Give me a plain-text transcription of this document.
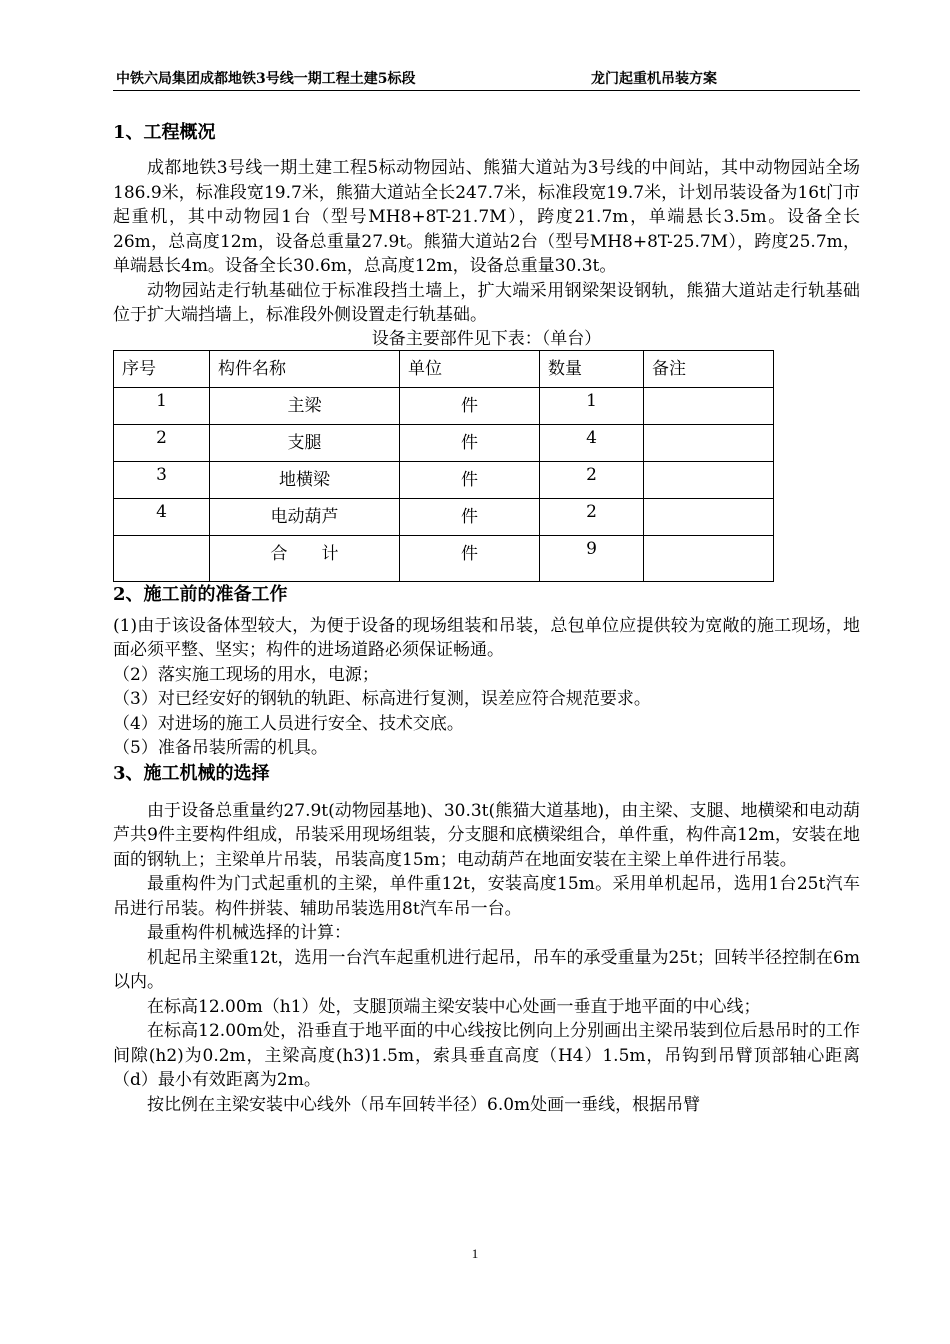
中铁六局集团成都地铁3号线一期工程土建5标段	龙门起重机吊装方案
1、工程概况

成都地铁3号线一期土建工程5标动物园站、熊猫大道站为3号线的中间站，其中动物园站全场186.9米，标准段宽19.7米，熊猫大道站全长247.7米，标准段宽19.7米，计划吊装设备为16t门市起重机，其中动物园1台（型号MH8+8T-21.7M），跨度21.7m，单端悬长3.5m。设备全长26m，总高度12m，设备总重量27.9t。熊猫大道站2台（型号MH8+8T-25.7M），跨度25.7m，单端悬长4m。设备全长30.6m，总高度12m，设备总重量30.3t。

动物园站走行轨基础位于标准段挡土墙上，扩大端采用钢梁架设钢轨，熊猫大道站走行轨基础位于扩大端挡墙上，标准段外侧设置走行轨基础。

设备主要部件见下表：（单台）
序号	构件名称	单位	数量	备注

1	主梁	件	1	

2	支腿	件	4	

3	地横梁	件	2	

4	电动葫芦	件	2	

	合　　计	件	9	

2、施工前的准备工作

(1)由于该设备体型较大，为便于设备的现场组装和吊装，总包单位应提供较为宽敞的施工现场，地面必须平整、坚实；构件的进场道路必须保证畅通。

（2）落实施工现场的用水，电源；

（3）对已经安好的钢轨的轨距、标高进行复测，误差应符合规范要求。

（4）对进场的施工人员进行安全、技术交底。

（5）准备吊装所需的机具。

3、施工机械的选择

由于设备总重量约27.9t(动物园基地)、30.3t(熊猫大道基地)，由主梁、支腿、地横梁和电动葫芦共9件主要构件组成，吊装采用现场组装，分支腿和底横梁组合，单件重，构件高12m，安装在地面的钢轨上；主梁单片吊装，吊装高度15m；电动葫芦在地面安装在主梁上单件进行吊装。

最重构件为门式起重机的主梁，单件重12t，安装高度15m。采用单机起吊，选用1台25t汽车吊进行吊装。构件拼装、辅助吊装选用8t汽车吊一台。

最重构件机械选择的计算：

机起吊主梁重12t，选用一台汽车起重机进行起吊，吊车的承受重量为25t；回转半径控制在6m以内。

在标高12.00m（h1）处，支腿顶端主梁安装中心处画一垂直于地平面的中心线；

在标高12.00m处，沿垂直于地平面的中心线按比例向上分别画出主梁吊装到位后悬吊时的工作间隙(h2)为0.2m，主梁高度(h3)1.5m，索具垂直高度（H4）1.5m，吊钩到吊臂顶部轴心距离（d）最小有效距离为2m。

按比例在主梁安装中心线外（吊车回转半径）6.0m处画一垂线，根据吊臂

1
